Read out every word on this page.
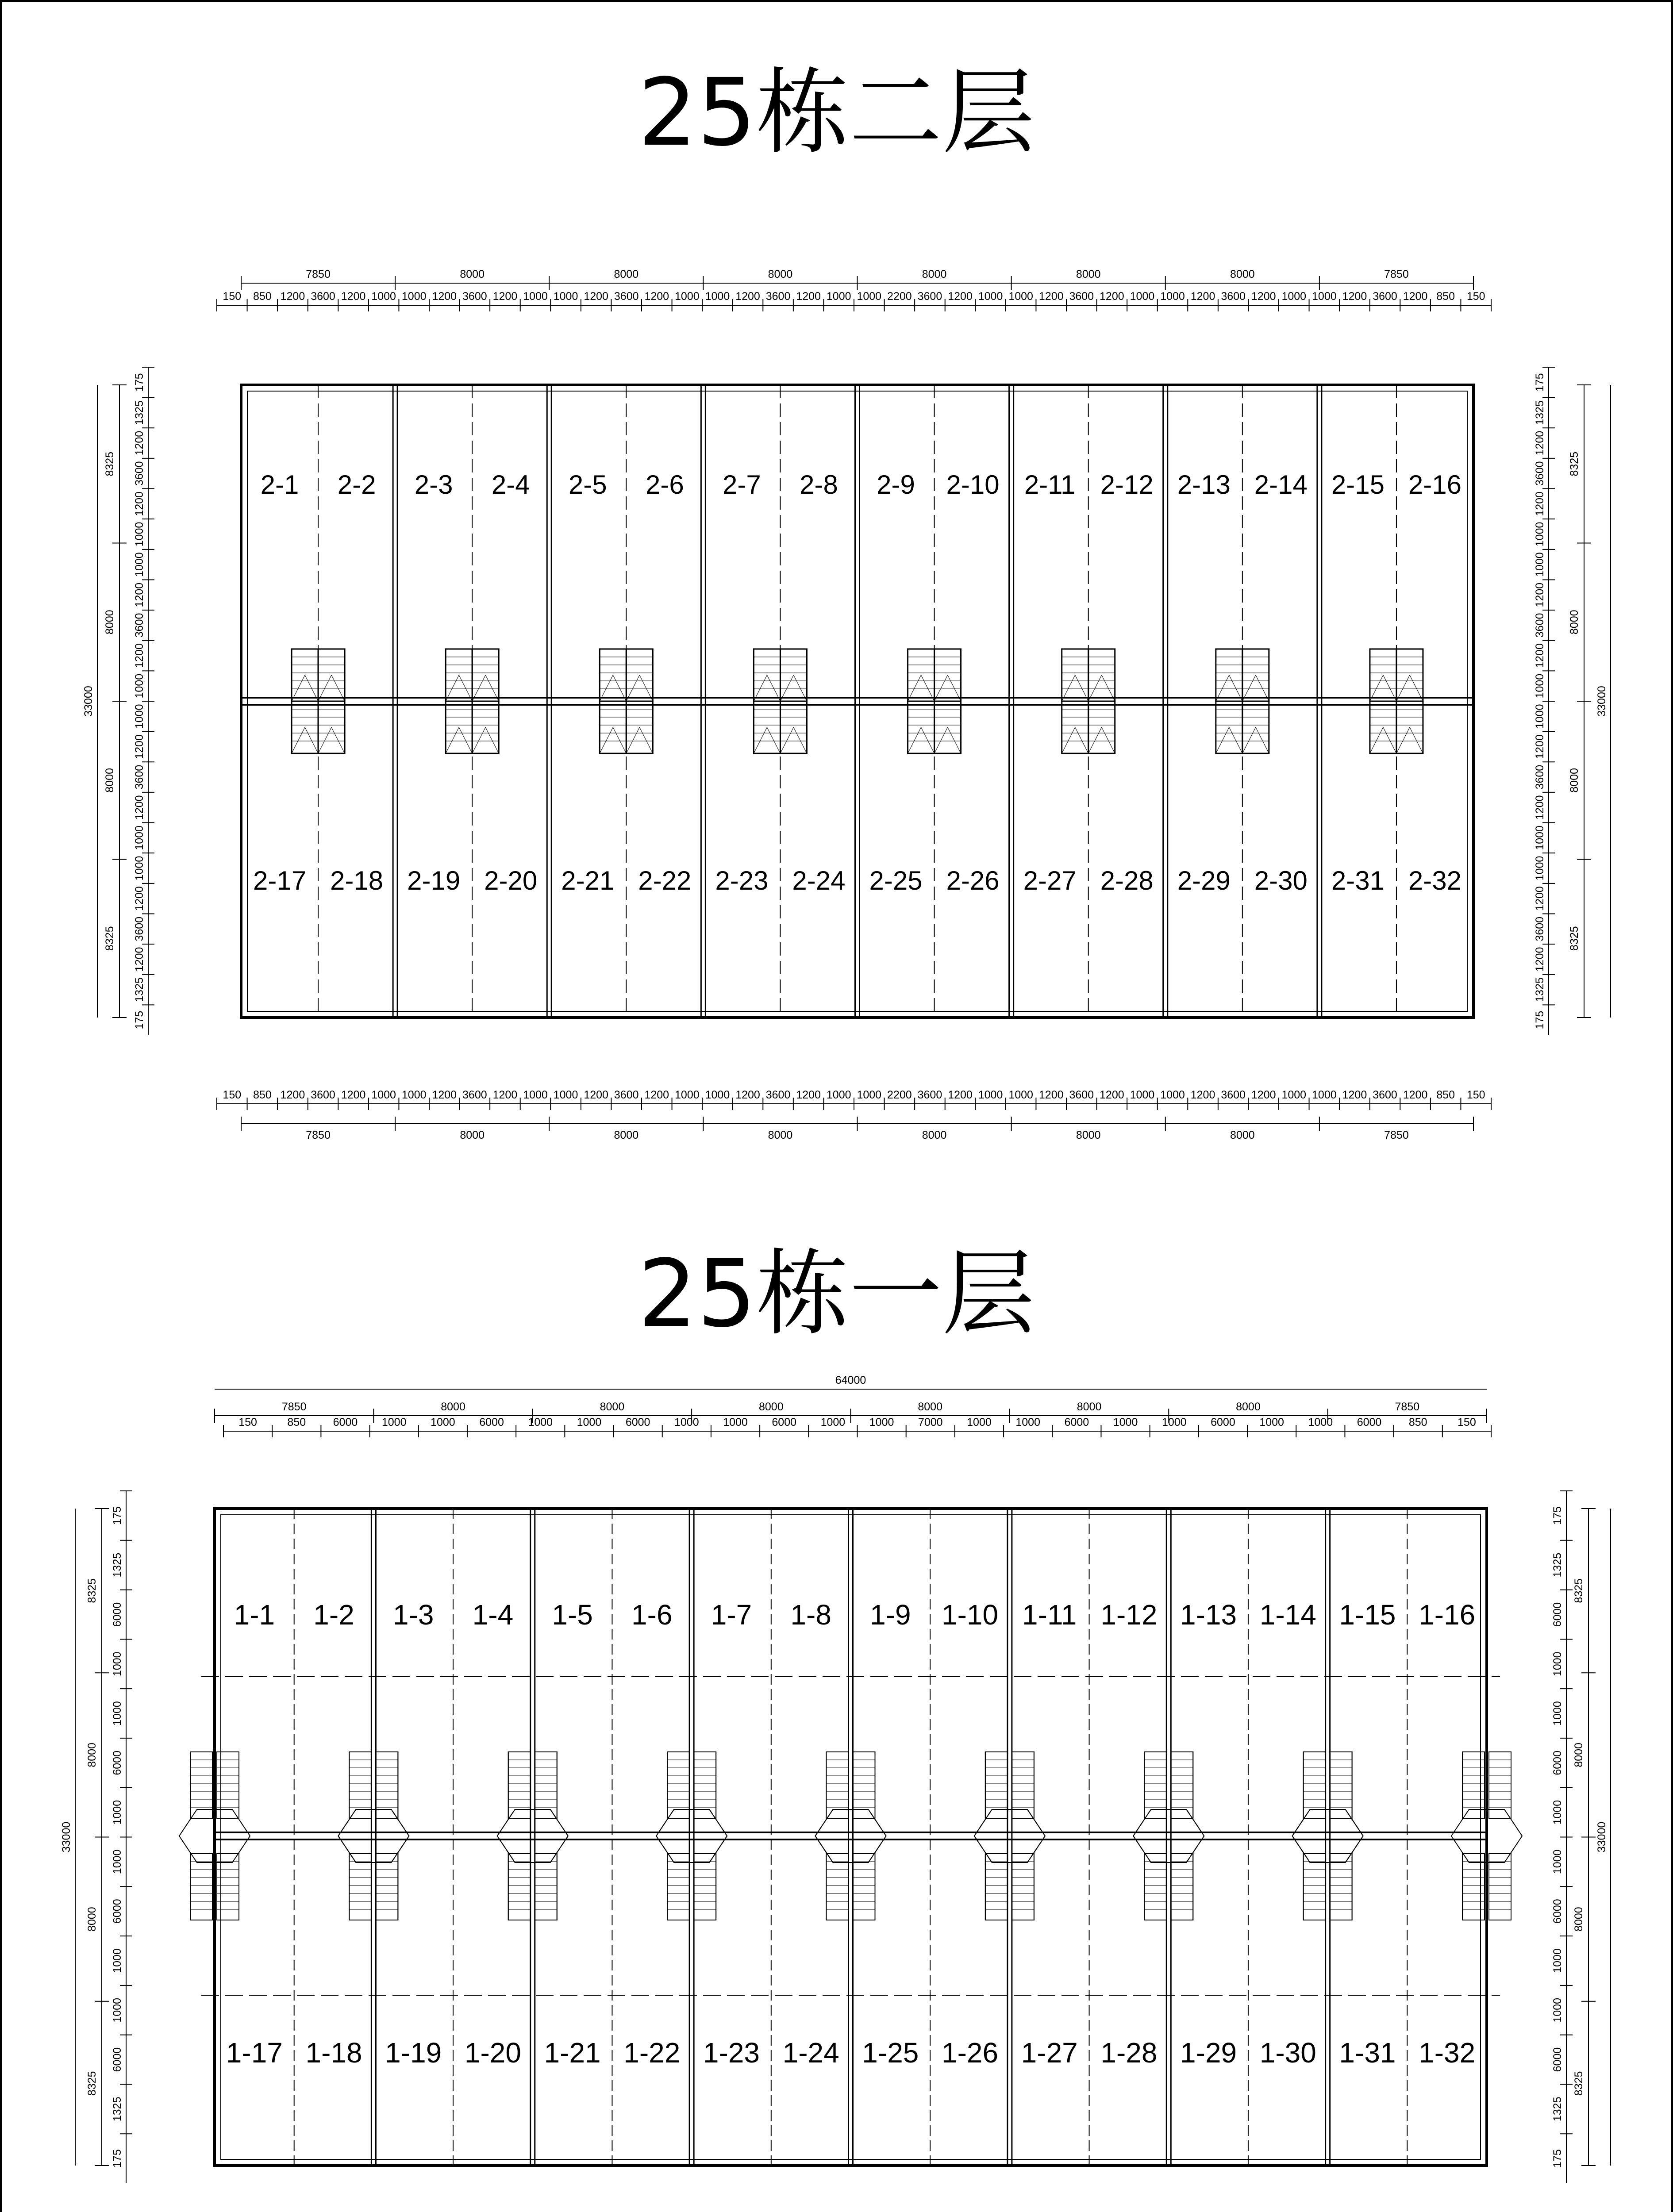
25栋二层
25栋一层
2-1 2-2 2-3 2-4 2-5 2-6 2-7 2-8 2-9 2-10 2-11 2-12 2-13 2-14 2-15 2-16
2-17 2-18 2-19 2-20 2-21 2-22 2-23 2-24 2-25 2-26 2-27 2-28 2-29 2-30 2-31 2-32
7850	8000	8000	8000	8000	8000	8000	7850
150 850 1200 3600 1200 1000 1000 1200 3600 1200 1000 1000 1200 3600 1200 1000 1000 1200 3600 1200 1000 1000 2200 3600 1200 1000 1000 1200 3600 1200 1000 1000 1200 3600 1200 1000 1000 1200 3600 1200 850 150
150 850 1200 3600 1200 1000 1000 1200 3600 1200 1000 1000 1200 3600 1200 1000 1000 1200 3600 1200 1000 1000 2200 3600 1200 1000 1000 1200 3600 1200 1000 1000 1200 3600 1200 1000 1000 1200 3600 1200 850 150
7850	8000	8000	8000	8000	8000	8000	7850
8325
8000
8000
8325
175
1325
1200
3600
1200
1000
1000
1200
3600
1200
1000
1000
1200
3600
1200
1000
1000
1200
3600
1200
1325
175
33000
175
1325
1200
3600
1200
1000
1000
1200
3600
1200
1000
1000
1200
3600
1200
1000
1000
1200
3600
1200
1325
175
8325
8000
8000
8325
33000
1-1 1-2 1-3 1-4 1-5 1-6 1-7 1-8 1-9 1-10 1-11 1-12 1-13 1-14 1-15 1-16
1-17 1-18 1-19 1-20 1-21 1-22 1-23 1-24 1-25 1-26 1-27 1-28 1-29 1-30 1-31 1-32
7850	8000	8000	8000	8000	8000	8000	7850
150	850 6000 1000 1000 6000 1000 1000 6000 1000 1000 6000 1000 1000 7000 1000 1000 6000 1000 1000 6000 1000 1000 6000 850	150
64000
8325
8000
8000
8325
175
1325
6000
1000
1000
6000
1000
1000
6000
1000
1000
6000
1325
175
33000
175
1325
6000
1000
1000
6000
1000
1000
6000
1000
1000
6000
1325
175
8325
8000
8000
8325
33000
